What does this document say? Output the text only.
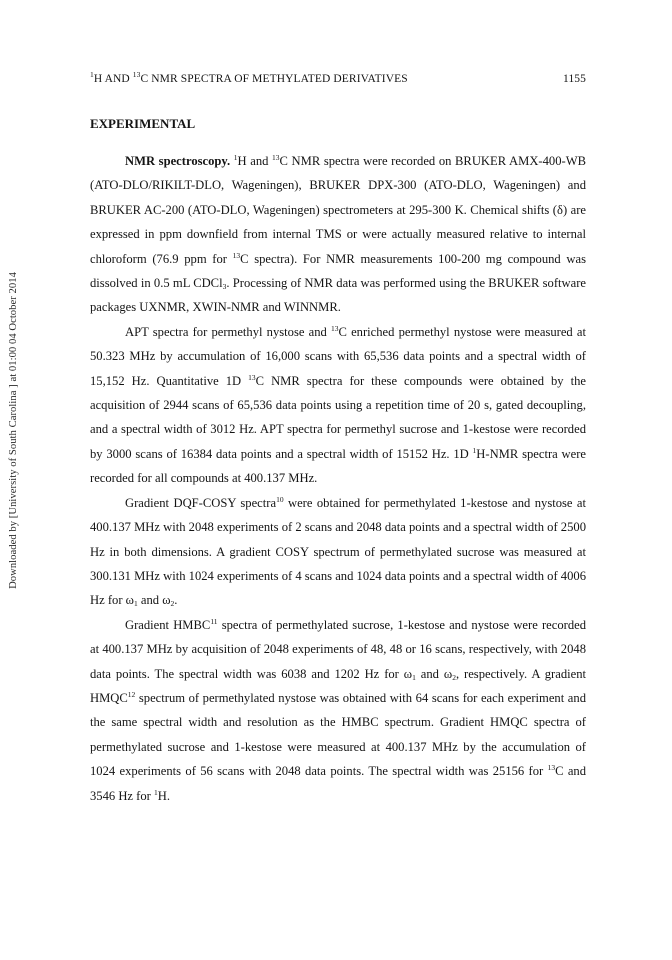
Downloaded by [University of South Carolina ] at 01:00 04 October 2014
$^1$H AND $^{13}$C NMR SPECTRA OF METHYLATED DERIVATIVES	1155
EXPERIMENTAL

NMR spectroscopy. $^1$H and $^{13}$C NMR spectra were recorded on BRUKER AMX-400-WB (ATO-DLO/RIKILT-DLO, Wageningen), BRUKER DPX-300 (ATO-DLO, Wageningen) and BRUKER AC-200 (ATO-DLO, Wageningen) spectrometers at 295-300 K. Chemical shifts (δ) are expressed in ppm downfield from internal TMS or were actually measured relative to internal chloroform (76.9 ppm for $^{13}$C spectra). For NMR measurements 100-200 mg compound was dissolved in 0.5 mL CDCl$_3$. Processing of NMR data was performed using the BRUKER software packages UXNMR, XWIN-NMR and WINNMR.

APT spectra for permethyl nystose and $^{13}$C enriched permethyl nystose were measured at 50.323 MHz by accumulation of 16,000 scans with 65,536 data points and a spectral width of 15,152 Hz. Quantitative 1D $^{13}$C NMR spectra for these compounds were obtained by the acquisition of 2944 scans of 65,536 data points using a repetition time of 20 s, gated decoupling, and a spectral width of 3012 Hz. APT spectra for permethyl sucrose and 1-kestose were recorded by 3000 scans of 16384 data points and a spectral width of 15152 Hz. 1D $^1$H-NMR spectra were recorded for all compounds at 400.137 MHz.

Gradient DQF-COSY spectra$^{10}$ were obtained for permethylated 1-kestose and nystose at 400.137 MHz with 2048 experiments of 2 scans and 2048 data points and a spectral width of 2500 Hz in both dimensions. A gradient COSY spectrum of permethylated sucrose was measured at 300.131 MHz with 1024 experiments of 4 scans and 1024 data points and a spectral width of 4006 Hz for $\omega_1$ and $\omega_2$.

Gradient HMBC$^{11}$ spectra of permethylated sucrose, 1-kestose and nystose were recorded at 400.137 MHz by acquisition of 2048 experiments of 48, 48 or 16 scans, respectively, with 2048 data points. The spectral width was 6038 and 1202 Hz for $\omega_1$ and $\omega_2$, respectively. A gradient HMQC$^{12}$ spectrum of permethylated nystose was obtained with 64 scans for each experiment and the same spectral width and resolution as the HMBC spectrum. Gradient HMQC spectra of permethylated sucrose and 1-kestose were measured at 400.137 MHz by the accumulation of 1024 experiments of 56 scans with 2048 data points. The spectral width was 25156 for $^{13}$C and 3546 Hz for $^1$H.
